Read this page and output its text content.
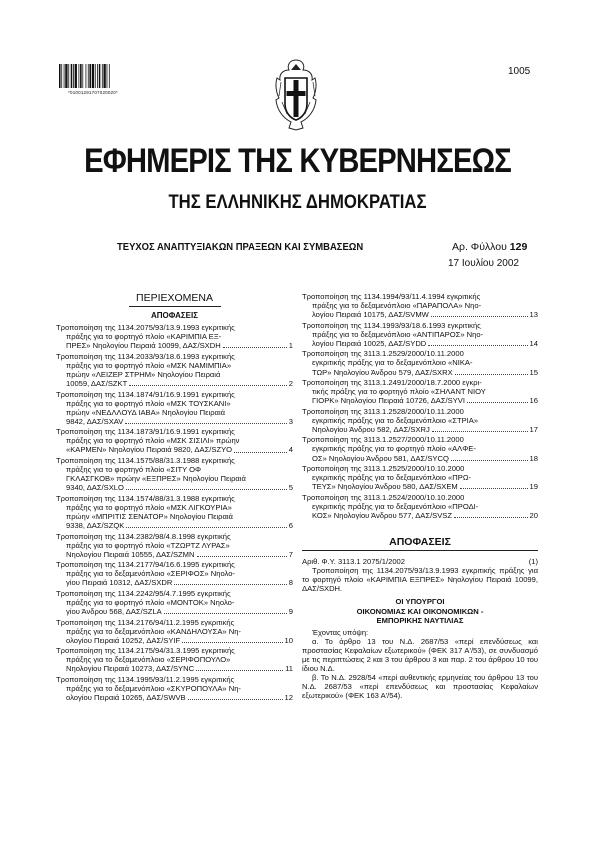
*01001291707020020*
1005
ΕΦΗΜΕΡΙΣ ΤΗΣ ΚΥΒΕΡΝΗΣΕΩΣ
ΤΗΣ ΕΛΛΗΝΙΚΗΣ ΔΗΜΟΚΡΑΤΙΑΣ
ΤΕΥΧΟΣ ΑΝΑΠΤΥΞΙΑΚΩΝ ΠΡΑΞΕΩΝ ΚΑΙ ΣΥΜΒΑΣΕΩΝ	Αρ. Φύλλου 129
17 Ιουλίου 2002
ΠΕΡΙΕΧΟΜΕΝΑ
ΑΠΟΦΑΣΕΙΣ
Τροποποίηση της 1134.2075/93/13.9.1993 εγκριτικής
πράξης για το φορτηγό πλοίο «ΚΑΡΙΜΠΙΑ ΕΞ-
ΠΡΕΣ» Νηολογίου Πειραιά 10099, ΔΑΣ/SXDH	1
Τροποποίηση της 1134.2033/93/18.6.1993 εγκριτικής
πράξης για το φορτηγό πλοίο «ΜΣΚ ΝΑΜΙΜΠΙΑ»
πρώην «ΛΕΙΖΕΡ ΣΤΡΗΜ» Νηολογίου Πειραιά
10059, ΔΑΣ/SZKT	2
Τροποποίηση της 1134.1874/91/16.9.1991 εγκριτικής
πράξης για το φορτηγό πλοίο «ΜΣΚ ΤΟΥΣΚΑΝΙ»
πρώην «ΝΕΔΛΛΟΥΔ ΙΑΒΑ» Νηολογίου Πειραιά
9842, ΔΑΣ/SXAV	3
Τροποποίηση της 1134.1873/91/16.9.1991 εγκριτικής
πράξης για το φορτηγό πλοίο «ΜΣΚ ΣΙΣΙΛΙ» πρώην
«ΚΑΡΜΕΝ» Νηολογίου Πειραιά 9820, ΔΑΣ/SZYO	4
Τροποποίηση της 1134.1575/88/31.3.1988 εγκριτικής
πράξης για το φορτηγό πλοίο «ΣΙΤΥ ΟΦ
ΓΚΛΑΣΓΚΟΒ» πρώην «ΕΞΠΡΕΣ» Νηολογίου Πειραιά
9340, ΔΑΣ/SXLO	5
Τροποποίηση της 1134.1574/88/31.3.1988 εγκριτικής
πράξης για το φορτηγό πλοίο «ΜΣΚ ΛΙΓΚΟΥΡΙΑ»
πρώην «ΜΠΡΙΤΙΣ ΣΕΝΑΤΟΡ» Νηολογίου Πειραιά
9338, ΔΑΣ/SZQK	6
Τροποποίηση της 1134.2382/98/4.8.1998 εγκριτικής
πράξης για το φορτηγό πλοίο «ΤΖΩΡΤΖ ΛΥΡΑΣ»
Νηολογίου Πειραιά 10555, ΔΑΣ/SZMN	7
Τροποποίηση της 1134.2177/94/16.6.1995 εγκριτικής
πράξης για το δεξαμενόπλοιο «ΣΕΡΙΦΟΣ» Νηολο-
γίου Πειραιά 10312, ΔΑΣ/SXDR	8
Τροποποίηση της 1134.2242/95/4.7.1995 εγκριτικής
πράξης για το φορτηγό πλοίο «ΜΟΝΤΟΚ» Νηολο-
γίου Άνδρου 568, ΔΑΣ/SZLA	9
Τροποποίηση της 1134.2176/94/11.2.1995 εγκριτικής
πράξης για το δεξαμενόπλοιο «ΚΑΝΔΗΛΟΥΣΑ» Νη-
ολογίου Πειραιά 10252, ΔΑΣ/SYIF	10
Τροποποίηση της 1134.2175/94/31.3.1995 εγκριτικής
πράξης για το δεξαμενόπλοιο «ΣΕΡΙΦΟΠΟΥΛΟ»
Νηολογίου Πειραιά 10273, ΔΑΣ/SYNC	11
Τροποποίηση της 1134.1995/93/11.2.1995 εγκριτικής
πράξης για το δεξαμενόπλοιο «ΣΚΥΡΟΠΟΥΛΑ» Νη-
ολογίου Πειραιά 10265, ΔΑΣ/SWVB	12
Τροποποίηση της 1134.1994/93/11.4.1994 εγκριτικής
πράξης για το δεξαμενόπλοιο «ΠΑΡΑΠΟΛΑ» Νηο-
λογίου Πειραιά 10175, ΔΑΣ/SVMW	13
Τροποποίηση της 1134.1993/93/18.6.1993 εγκριτικής
πράξης για το δεξαμενόπλοιο «ΑΝΤΙΠΑΡΟΣ» Νηο-
λογίου Πειραιά 10025, ΔΑΣ/SYDD	14
Τροποποίηση της 3113.1.2529/2000/10.11.2000
εγκριτικής πράξης για το δεξαμενόπλοιο «ΝΙΚΑ-
ΤΩΡ» Νηολογίου Άνδρου 579, ΔΑΣ/SXRX	15
Τροποποίηση της 3113.1.2491/2000/18.7.2000 εγκρι-
τικής πράξης για το φορτηγό πλοίο «ΣΗΛΑΝΤ ΝΙΟΥ
ΓΙΟΡΚ» Νηολογίου Πειραιά 10726, ΔΑΣ/SYVI	16
Τροποποίηση της 3113.1.2528/2000/10.11.2000
εγκριτικής πράξης για το δεξαμενόπλοιο «ΣΤΡΙΑ»
Νηολογίου Άνδρου 582, ΔΑΣ/SXRJ	17
Τροποποίηση της 3113.1.2527/2000/10.11.2000
εγκριτικής πράξης για το φορτηγό πλοίο «ΑΛΦΕ-
ΟΣ» Νηολογίου Άνδρου 581, ΔΑΣ/SYCQ	18
Τροποποίηση της 3113.1.2525/2000/10.10.2000
εγκριτικής πράξης για το δεξαμενόπλοιο «ΠΡΩ-
ΤΕΥΣ» Νηολογίου Άνδρου 580, ΔΑΣ/SXEM	19
Τροποποίηση της 3113.1.2524/2000/10.10.2000
εγκριτικής πράξης για το δεξαμενόπλοιο «ΠΡΟΔΙ-
ΚΟΣ» Νηολογίου Άνδρου 577, ΔΑΣ/SVSZ	20
ΑΠΟΦΑΣΕΙΣ
Αριθ. Φ.Υ. 3113.1 2075/1/2002	(1)
Τροποποίηση της 1134.2075/93/13.9.1993 εγκριτικής πράξης για το φορτηγό πλοίο «ΚΑΡΙΜΠΙΑ ΕΞΠΡΕΣ» Νηολογίου Πειραιά 10099, ΔΑΣ/SXDH.
ΟΙ ΥΠΟΥΡΓΟΙ
ΟΙΚΟΝΟΜΙΑΣ ΚΑΙ ΟΙΚΟΝΟΜΙΚΩΝ -
ΕΜΠΟΡΙΚΗΣ ΝΑΥΤΙΛΙΑΣ
Έχοντας υπόψη:
α. Το άρθρο 13 του Ν.Δ. 2687/53 «περί επενδύσεως και προστασίας Κεφαλαίων εξωτερικού» (ΦΕΚ 317 Α'/53), σε συνδυασμό με τις περιπτώσεις 2 και 3 του άρθρου 3 και παρ. 2 του άρθρου 10 του ίδιου Ν.Δ.
β. Το Ν.Δ. 2928/54 «περί αυθεντικής ερμηνείας του άρθρου 13 του Ν.Δ. 2687/53 «περί επενδύσεως και προστασίας Κεφαλαίων εξωτερικού» (ΦΕΚ 163 Α'/54).
